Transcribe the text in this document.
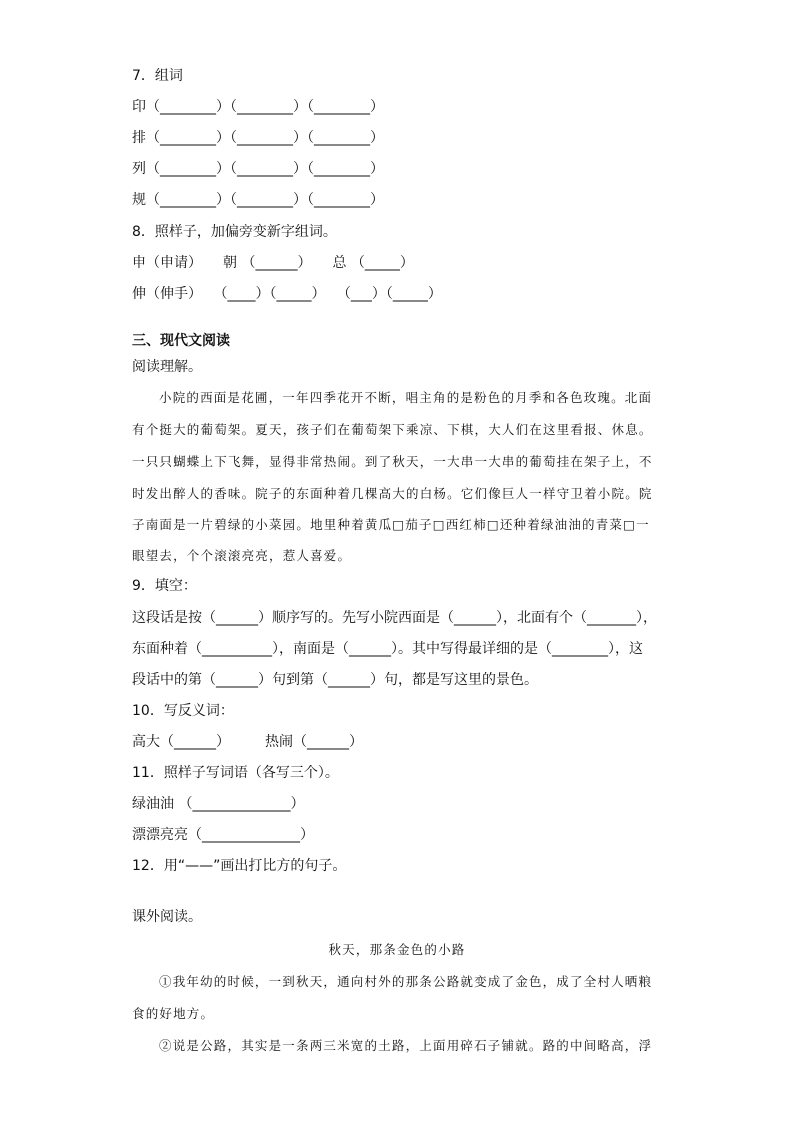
7．组词
印（________）（________）（________）
排（________）（________）（________）
列（________）（________）（________）
规（________）（________）（________）
8．照样子，加偏旁变新字组词。
申（申请）　　朝 （______）　　总 （_____）
伸（伸手）　 （____）（_____）　 （___）（_____）
三、现代文阅读
阅读理解。
小院的西面是花圃，一年四季花开不断，唱主角的是粉色的月季和各色玫瑰。北面
有个挺大的葡萄架。夏天，孩子们在葡萄架下乘凉、下棋，大人们在这里看报、休息。
一只只蝴蝶上下飞舞，显得非常热闹。到了秋天，一大串一大串的葡萄挂在架子上，不
时发出醉人的香味。院子的东面种着几棵高大的白杨。它们像巨人一样守卫着小院。院
子南面是一片碧绿的小菜园。地里种着黄瓜□茄子□西红柿□还种着绿油油的青菜□一
眼望去，个个滚滚亮亮，惹人喜爱。
9．填空：
这段话是按（______）顺序写的。先写小院西面是（______），北面有个（_______），
东面种着（__________），南面是（______）。其中写得最详细的是（________），这
段话中的第（______）句到第（______）句，都是写这里的景色。
10．写反义词：
高大（______）　　　热闹（______）
11．照样子写词语（各写三个）。
绿油油 （______________）
漂漂亮亮（______________）
12．用“——”画出打比方的句子。
课外阅读。
秋天，那条金色的小路
①我年幼的时候，一到秋天，通向村外的那条公路就变成了金色，成了全村人晒粮
食的好地方。
②说是公路，其实是一条两三米宽的土路，上面用碎石子铺就。路的中间略高，浮
